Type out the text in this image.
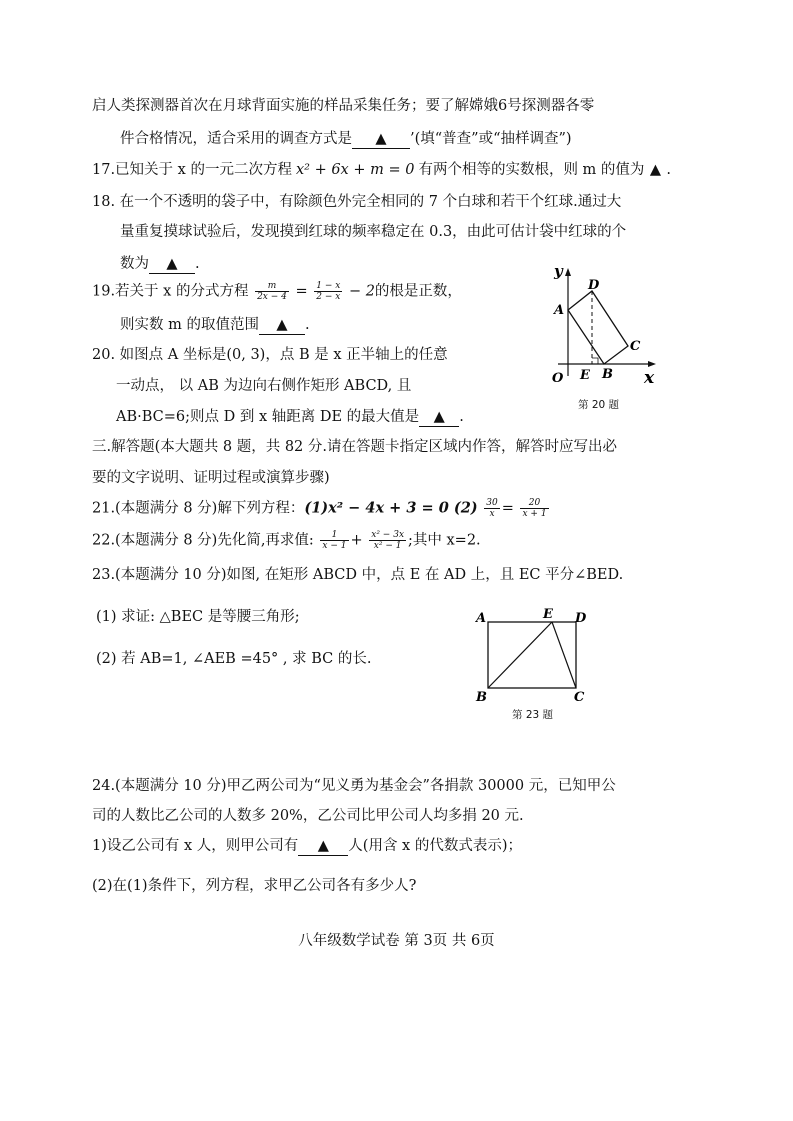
启人类探测器首次在月球背面实施的样品采集任务；要了解嫦娥6号探测器各零
件合格情况，适合采用的调查方式是 ▲ ’(填“普查”或“抽样调查”)
17.已知关于 x 的一元二次方程 x² + 6x + m = 0 有两个相等的实数根，则 m 的值为 ▲ .
18. 在一个不透明的袋子中，有除颜色外完全相同的 7 个白球和若干个红球.通过大
量重复摸球试验后，发现摸到红球的频率稳定在 0.3，由此可估计袋中红球的个
数为 ▲ .
19.若关于 x 的分式方程 $\frac{m}{2x - 4} = \frac{1 - x}{2 - x} - 2$的根是正数，
则实数 m 的取值范围 ▲ .
20. 如图点 A 坐标是(0, 3)，点 B 是 x 正半轴上的任意
一动点， 以 AB 为边向右侧作矩形 ABCD, 且
AB·BC=6;则点 D 到 x 轴距离 DE 的最大值是 ▲ .
y
x
O
A
D
C
B
E
第 20 题
三.解答题(本大题共 8 题，共 82 分.请在答题卡指定区域内作答，解答时应写出必
要的文字说明、证明过程或演算步骤)
21.(本题满分 8 分)解下列方程：(1)x² − 4x + 3 = 0 $(2) \frac{30}{x} = \frac{20}{x + 1}$
22.(本题满分 8 分)先化简,再求值: $\frac{1}{x - 1} + \frac{\text{x² − 3x}}{\text{x² − 1}}$ ;其中 x=2.
23.(本题满分 10 分)如图, 在矩形 ABCD 中，点 E 在 AD 上，且 EC 平分∠BED.
(1) 求证: △BEC 是等腰三角形;
(2) 若 AB=1, ∠AEB =45° , 求 BC 的长.
A	E D
B	C
第 23 题
24.(本题满分 10 分)甲乙两公司为“见义勇为基金会”各捐款 30000 元，已知甲公
司的人数比乙公司的人数多 20%，乙公司比甲公司人均多捐 20 元.
1)设乙公司有 x 人，则甲公司有 ▲ 人(用含 x 的代数式表示)；
(2)在(1)条件下，列方程，求甲乙公司各有多少人?
八年级数学试卷 第 3页 共 6页
